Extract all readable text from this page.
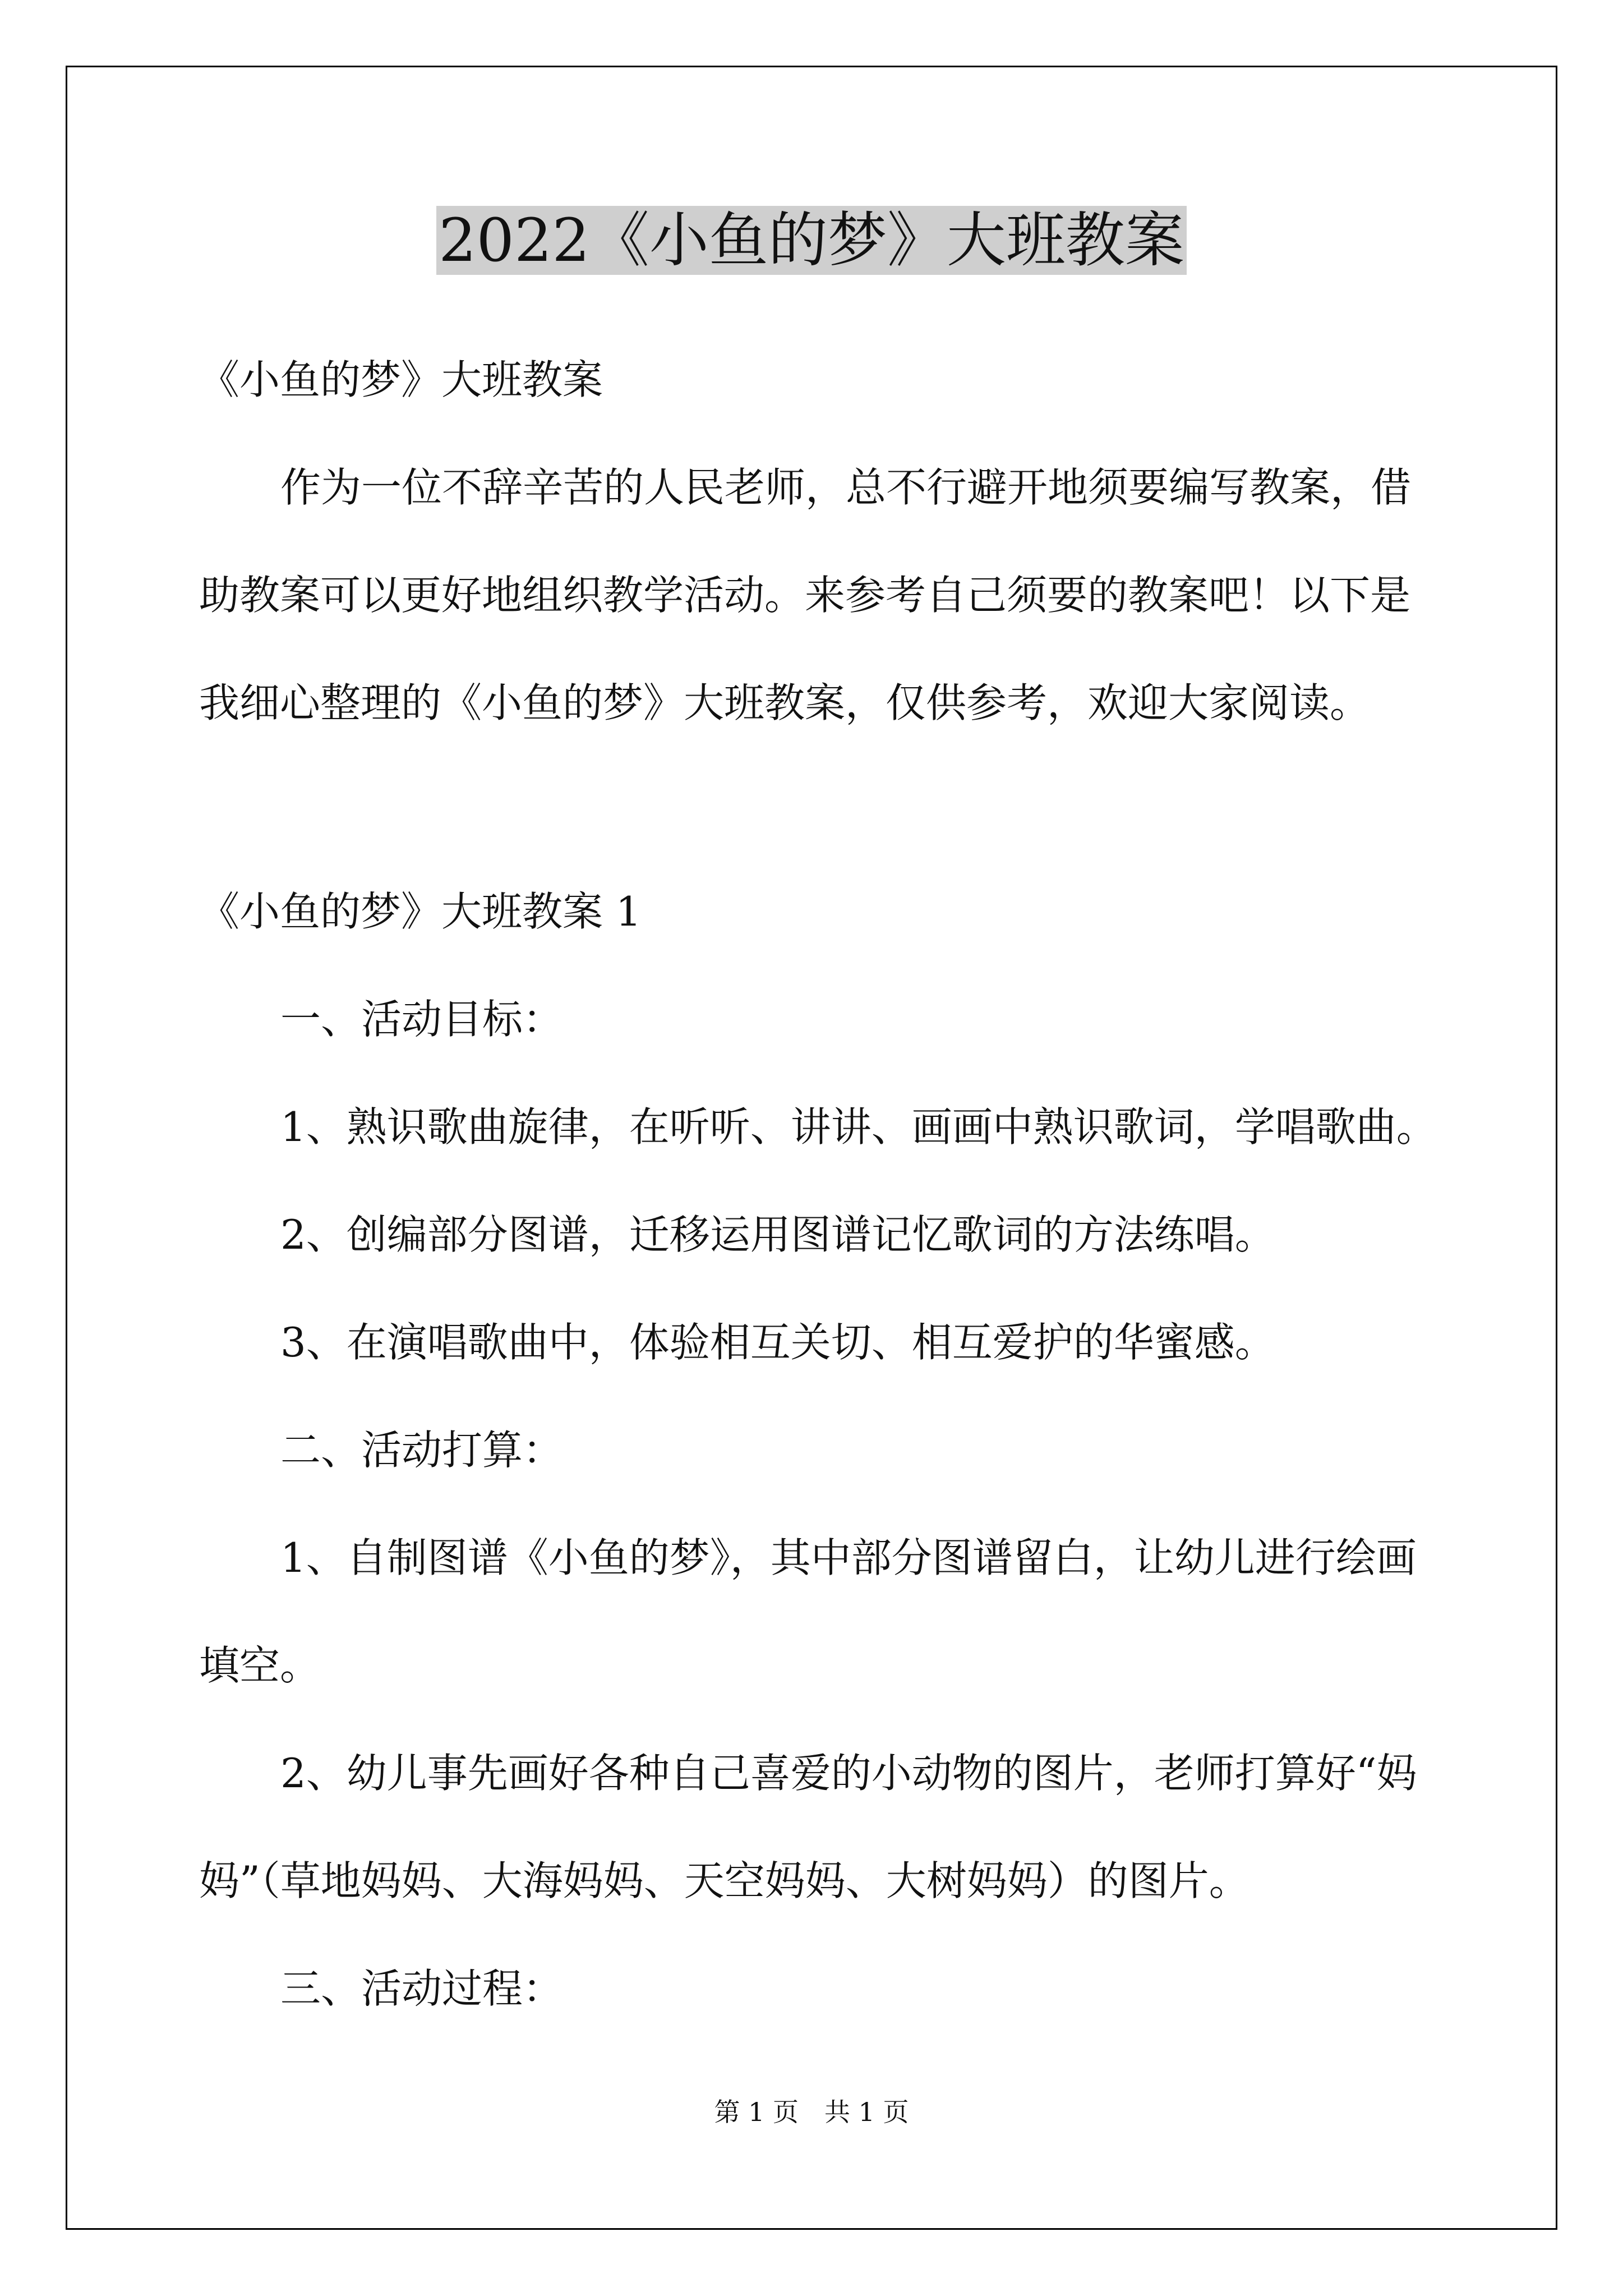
2022《小鱼的梦》大班教案
《小鱼的梦》大班教案
作为一位不辞辛苦的人民老师，总不行避开地须要编写教案，借
助教案可以更好地组织教学活动。来参考自己须要的教案吧！以下是
我细心整理的《小鱼的梦》大班教案，仅供参考，欢迎大家阅读。
《小鱼的梦》大班教案 1
一、活动目标：
1、熟识歌曲旋律，在听听、讲讲、画画中熟识歌词，学唱歌曲。
2、创编部分图谱，迁移运用图谱记忆歌词的方法练唱。
3、在演唱歌曲中，体验相互关切、相互爱护的华蜜感。
二、活动打算：
1、自制图谱《小鱼的梦》，其中部分图谱留白，让幼儿进行绘画
填空。
2、幼儿事先画好各种自己喜爱的小动物的图片，老师打算好“妈
妈”（草地妈妈、大海妈妈、天空妈妈、大树妈妈）的图片。
三、活动过程：
第 1 页　共 1 页
